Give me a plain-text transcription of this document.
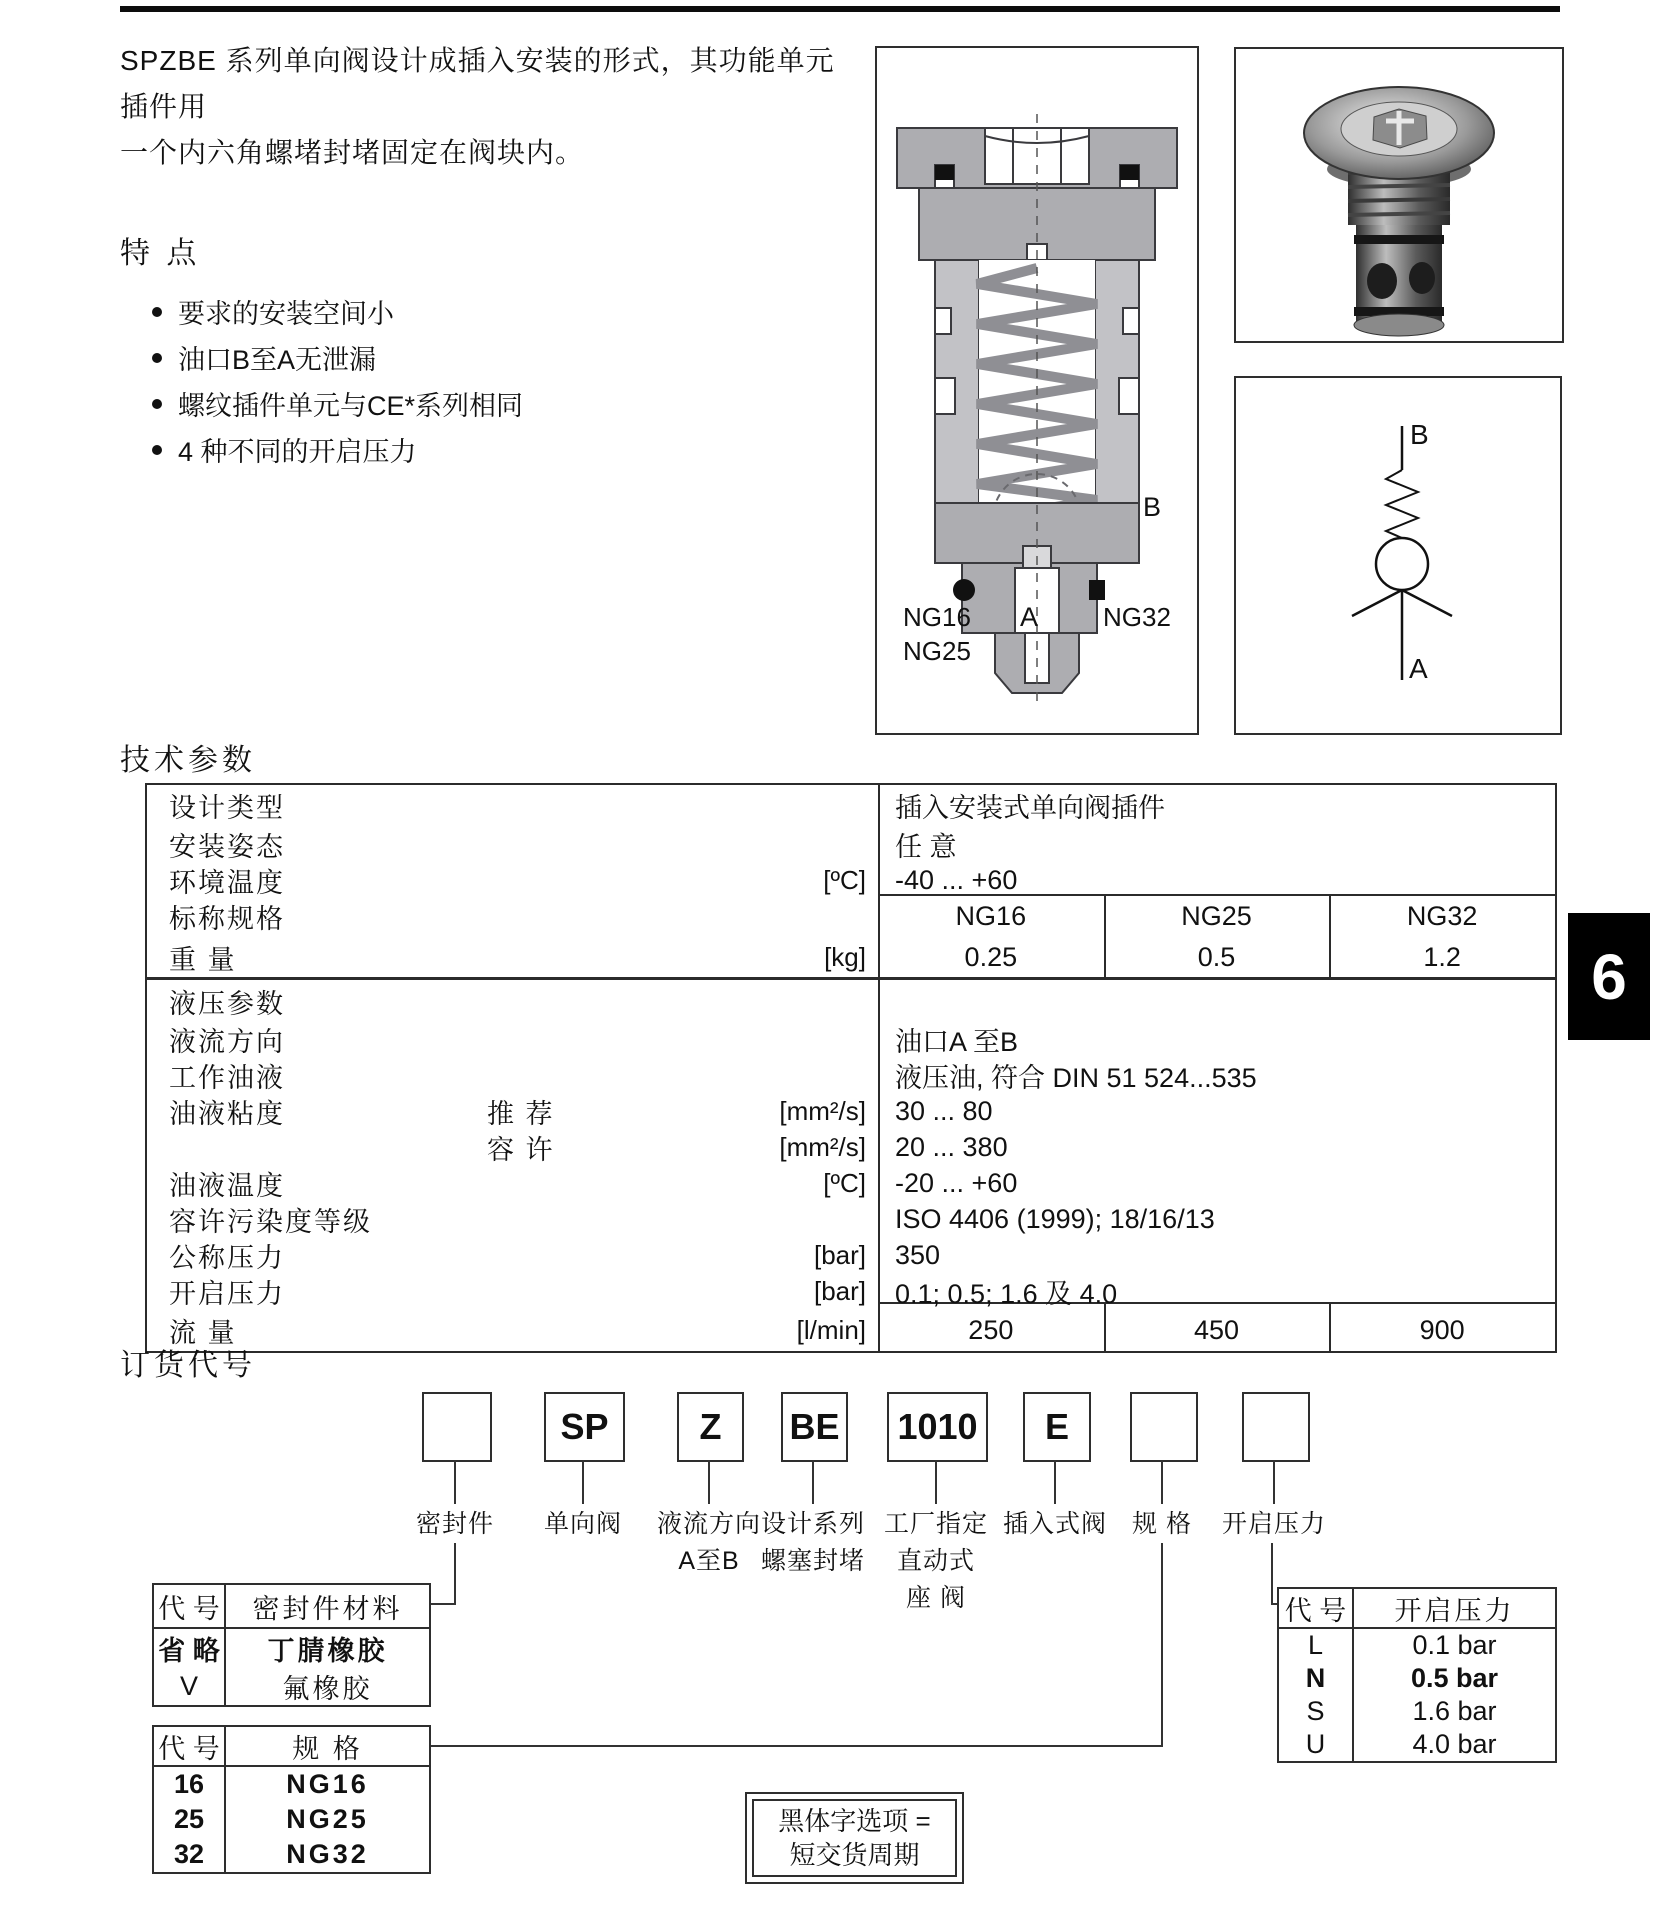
SPZBE 系列单向阀设计成插入安装的形式，其功能单元插件用
一个内六角螺堵封堵固定在阀块内。
特 点
要求的安装空间小
油口B至A无泄漏
螺纹插件单元与CE*系列相同
4 种不同的开启压力
B
NG16
NG25
A NG32
B
A
6
技术参数
设计类型	插入安装式单向阀插件
安装姿态	任 意
环境温度	[ºC]	-40 ... +60
标称规格	NG16	NG25	NG32
重 量	[kg]	0.25	0.5	1.2
液压参数
液流方向	油口A 至B
工作油液	液压油, 符合 DIN 51 524...535
油液粘度	推 荐	[mm²/s]	30 ... 80
容 许	[mm²/s]	20 ... 380
油液温度	[ºC]	-20 ... +60
容许污染度等级	ISO 4406 (1999); 18/16/13
公称压力	[bar]	350
开启压力	[bar]	0.1; 0.5; 1.6 及 4.0
流 量	[l/min]	250	450	900
订货代号
SP	Z	BE 1010	E
密封件	单向阀	液流方向
A至B
设计系列
螺塞封堵
工厂指定
直动式
座 阀
插入式阀	规 格	开启压力
代 号	密封件材料
省 略	丁腈橡胶
V	氟橡胶
代 号	规 格
16	NG16
25	NG25
32	NG32
代 号	开启压力
L	0.1 bar
N	0.5 bar
S	1.6 bar
U	4.0 bar
黑体字选项 =
短交货周期
